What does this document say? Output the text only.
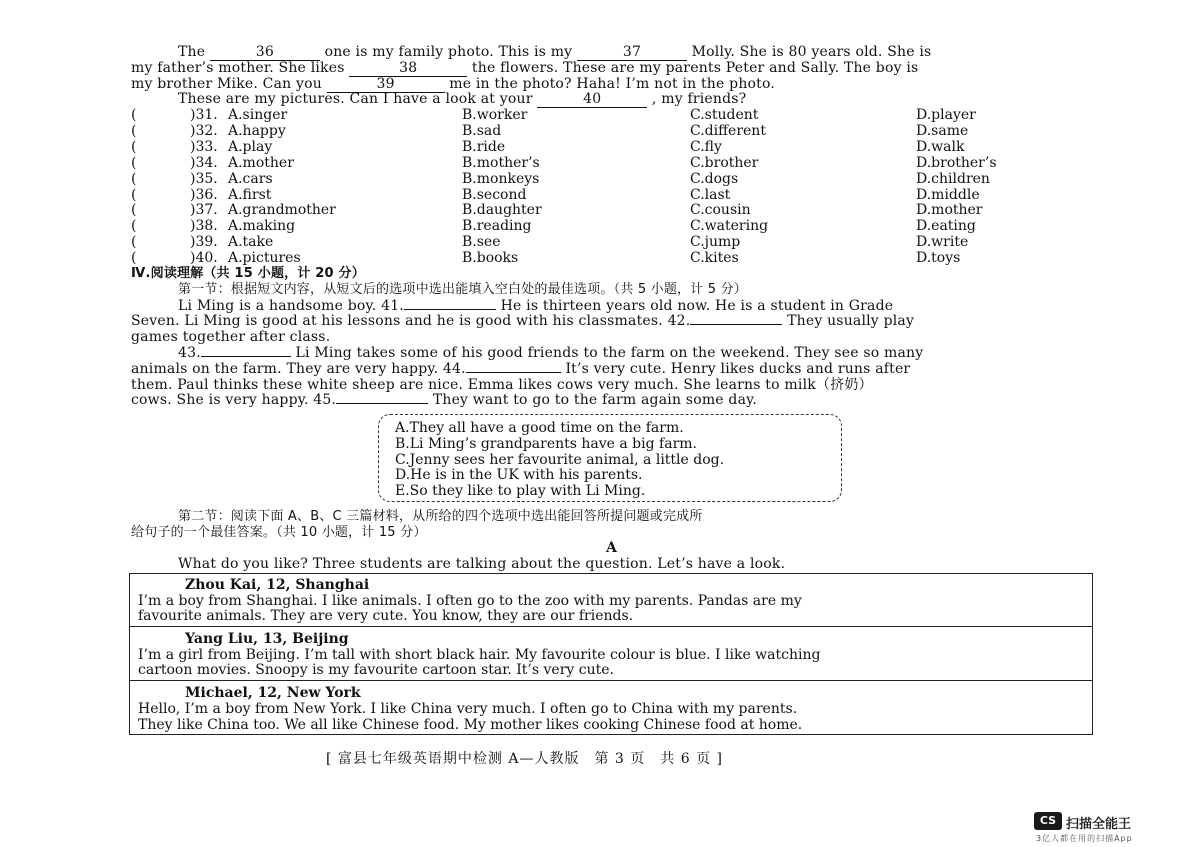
The	36	one is my family photo. This is my	37	Molly. She is 80 years old. She is
my father’s mother. She likes	38	the flowers. These are my parents Peter and Sally. The boy is
my brother Mike. Can you	39	me in the photo? Haha! I’m not in the photo.
These are my pictures. Can I have a look at your	40	, my friends?
(	)31. A.singer	B.worker	C.student	D.player
(	)32. A.happy	B.sad	C.different	D.same
(	)33. A.play	B.ride	C.fly	D.walk
(	)34. A.mother	B.mother’s	C.brother	D.brother’s
(	)35. A.cars	B.monkeys	C.dogs	D.children
(	)36. A.first	B.second	C.last	D.middle
(	)37. A.grandmother	B.daughter	C.cousin	D.mother
(	)38. A.making	B.reading	C.watering	D.eating
(	)39. A.take	B.see	C.jump	D.write
(	)40. A.pictures	B.books	C.kites	D.toys
Ⅳ.阅读理解（共 15 小题，计 20 分）
第一节：根据短文内容，从短文后的选项中选出能填入空白处的最佳选项。（共 5 小题，计 5 分）
Li Ming is a handsome boy. 41.	He is thirteen years old now. He is a student in Grade
Seven. Li Ming is good at his lessons and he is good with his classmates. 42.	They usually play
games together after class.
43.	Li Ming takes some of his good friends to the farm on the weekend. They see so many
animals on the farm. They are very happy. 44.	It’s very cute. Henry likes ducks and runs after
them. Paul thinks these white sheep are nice. Emma likes cows very much. She learns to milk（挤奶）
cows. She is very happy. 45.	They want to go to the farm again some day.
A.They all have a good time on the farm.
B.Li Ming’s grandparents have a big farm.
C.Jenny sees her favourite animal, a little dog.
D.He is in the UK with his parents.
E.So they like to play with Li Ming.
第二节：阅读下面 A、B、C 三篇材料，从所给的四个选项中选出能回答所提问题或完成所
给句子的一个最佳答案。（共 10 小题，计 15 分）
A
What do you like? Three students are talking about the question. Let’s have a look.
Zhou Kai, 12, Shanghai
I’m a boy from Shanghai. I like animals. I often go to the zoo with my parents. Pandas are my
favourite animals. They are very cute. You know, they are our friends.
Yang Liu, 13, Beijing
I’m a girl from Beijing. I’m tall with short black hair. My favourite colour is blue. I like watching
cartoon movies. Snoopy is my favourite cartoon star. It’s very cute.
Michael, 12, New York
Hello, I’m a boy from New York. I like China very much. I often go to China with my parents.
They like China too. We all like Chinese food. My mother likes cooking Chinese food at home.
[ 富县七年级英语期中检测 A—人教版　第 3 页　共 6 页 ]
CS 扫描全能王
3亿人都在用的扫描App
